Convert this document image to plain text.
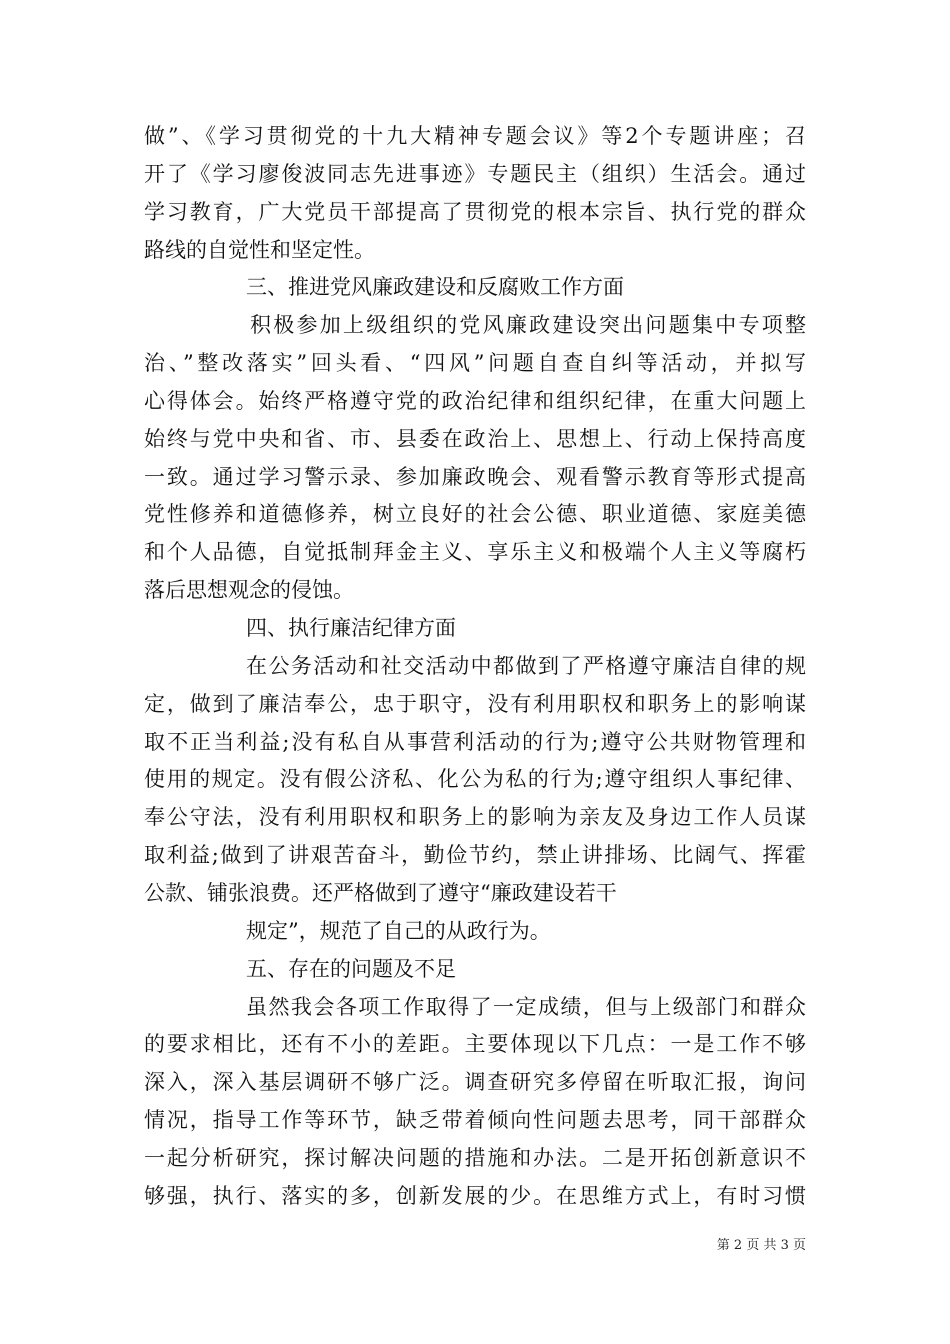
做”、《学习贯彻党的十九大精神专题会议》等2个专题讲座；召
开了《学习廖俊波同志先进事迹》专题民主（组织）生活会。通过
学习教育，广大党员干部提高了贯彻党的根本宗旨、执行党的群众
路线的自觉性和坚定性。
三、推进党风廉政建设和反腐败工作方面
积极参加上级组织的党风廉政建设突出问题集中专项整
治、”整改落实”回头看、“四风”问题自查自纠等活动，并拟写
心得体会。始终严格遵守党的政治纪律和组织纪律，在重大问题上
始终与党中央和省、市、县委在政治上、思想上、行动上保持高度
一致。通过学习警示录、参加廉政晚会、观看警示教育等形式提高
党性修养和道德修养，树立良好的社会公德、职业道德、家庭美德
和个人品德，自觉抵制拜金主义、享乐主义和极端个人主义等腐朽
落后思想观念的侵蚀。
四、执行廉洁纪律方面
在公务活动和社交活动中都做到了严格遵守廉洁自律的规
定，做到了廉洁奉公，忠于职守，没有利用职权和职务上的影响谋
取不正当利益;没有私自从事营利活动的行为;遵守公共财物管理和
使用的规定。没有假公济私、化公为私的行为;遵守组织人事纪律、
奉公守法，没有利用职权和职务上的影响为亲友及身边工作人员谋
取利益;做到了讲艰苦奋斗，勤俭节约，禁止讲排场、比阔气、挥霍
公款、铺张浪费。还严格做到了遵守“廉政建设若干
规定”，规范了自己的从政行为。
五、存在的问题及不足
虽然我会各项工作取得了一定成绩，但与上级部门和群众
的要求相比，还有不小的差距。主要体现以下几点：一是工作不够
深入，深入基层调研不够广泛。调查研究多停留在听取汇报，询问
情况，指导工作等环节，缺乏带着倾向性问题去思考，同干部群众
一起分析研究，探讨解决问题的措施和办法。二是开拓创新意识不
够强，执行、落实的多，创新发展的少。在思维方式上，有时习惯
第 2 页 共 3 页
